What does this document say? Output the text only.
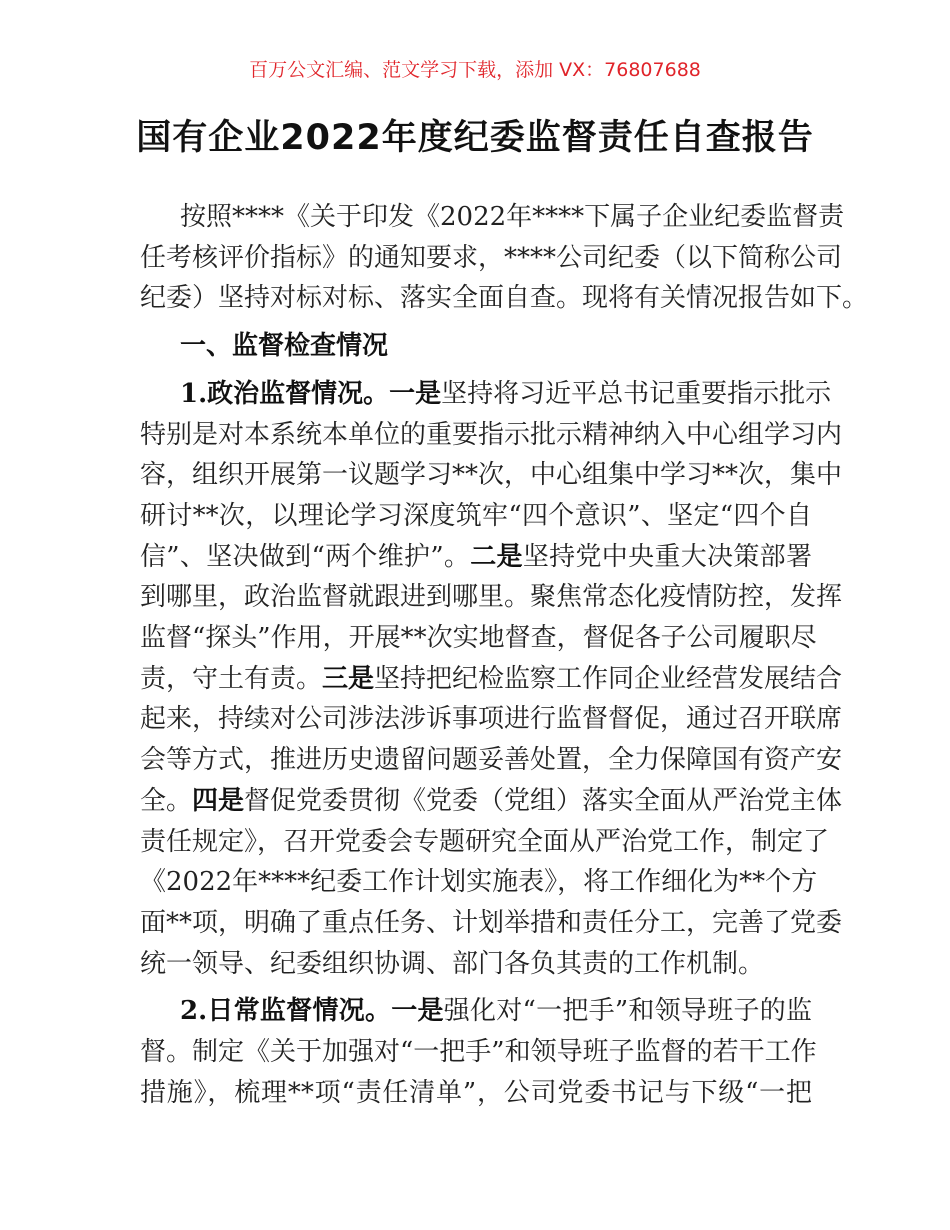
百万公文汇编、范文学习下载，添加 VX：76807688
国有企业2022年度纪委监督责任自查报告
按照****《关于印发《2022年****下属子企业纪委监督责
任考核评价指标》的通知要求，****公司纪委（以下简称公司
纪委）坚持对标对标、落实全面自查。现将有关情况报告如下。
一、监督检查情况
1.政治监督情况。一是坚持将习近平总书记重要指示批示
特别是对本系统本单位的重要指示批示精神纳入中心组学习内
容，组织开展第一议题学习**次，中心组集中学习**次，集中
研讨**次，以理论学习深度筑牢“四个意识”、坚定“四个自
信”、坚决做到“两个维护”。二是坚持党中央重大决策部署
到哪里，政治监督就跟进到哪里。聚焦常态化疫情防控，发挥
监督“探头”作用，开展**次实地督查，督促各子公司履职尽
责，守土有责。三是坚持把纪检监察工作同企业经营发展结合
起来，持续对公司涉法涉诉事项进行监督督促，通过召开联席
会等方式，推进历史遗留问题妥善处置，全力保障国有资产安
全。四是督促党委贯彻《党委（党组）落实全面从严治党主体
责任规定》，召开党委会专题研究全面从严治党工作，制定了
《2022年****纪委工作计划实施表》，将工作细化为**个方
面**项，明确了重点任务、计划举措和责任分工，完善了党委
统一领导、纪委组织协调、部门各负其责的工作机制。
2.日常监督情况。一是强化对“一把手”和领导班子的监
督。制定《关于加强对“一把手”和领导班子监督的若干工作
措施》，梳理**项“责任清单”，公司党委书记与下级“一把
